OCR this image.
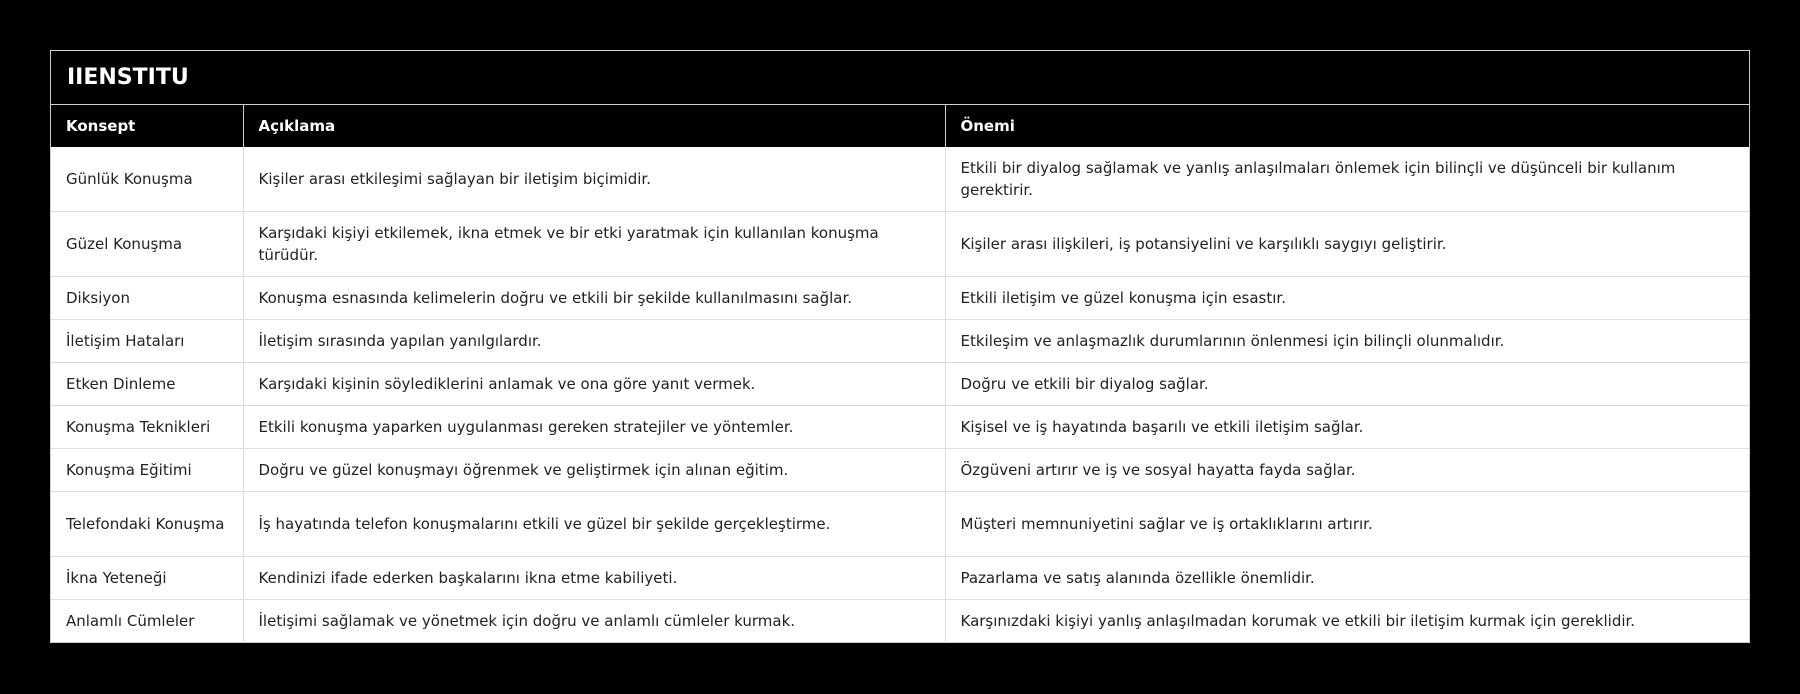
IIENSTITU
Konsept	Açıklama	Önemi
Günlük Konuşma	Kişiler arası etkileşimi sağlayan bir iletişim biçimidir.	Etkili bir diyalog sağlamak ve yanlış anlaşılmaları önlemek için bilinçli ve düşünceli bir kullanım gerektirir.
Güzel Konuşma	Karşıdaki kişiyi etkilemek, ikna etmek ve bir etki yaratmak için kullanılan konuşma türüdür.	Kişiler arası ilişkileri, iş potansiyelini ve karşılıklı saygıyı geliştirir.
Diksiyon	Konuşma esnasında kelimelerin doğru ve etkili bir şekilde kullanılmasını sağlar.	Etkili iletişim ve güzel konuşma için esastır.
İletişim Hataları	İletişim sırasında yapılan yanılgılardır.	Etkileşim ve anlaşmazlık durumlarının önlenmesi için bilinçli olunmalıdır.
Etken Dinleme	Karşıdaki kişinin söylediklerini anlamak ve ona göre yanıt vermek.	Doğru ve etkili bir diyalog sağlar.
Konuşma Teknikleri	Etkili konuşma yaparken uygulanması gereken stratejiler ve yöntemler.	Kişisel ve iş hayatında başarılı ve etkili iletişim sağlar.
Konuşma Eğitimi	Doğru ve güzel konuşmayı öğrenmek ve geliştirmek için alınan eğitim.	Özgüveni artırır ve iş ve sosyal hayatta fayda sağlar.
Telefondaki Konuşma	İş hayatında telefon konuşmalarını etkili ve güzel bir şekilde gerçekleştirme.	Müşteri memnuniyetini sağlar ve iş ortaklıklarını artırır.
İkna Yeteneği	Kendinizi ifade ederken başkalarını ikna etme kabiliyeti.	Pazarlama ve satış alanında özellikle önemlidir.
Anlamlı Cümleler	İletişimi sağlamak ve yönetmek için doğru ve anlamlı cümleler kurmak.	Karşınızdaki kişiyi yanlış anlaşılmadan korumak ve etkili bir iletişim kurmak için gereklidir.
